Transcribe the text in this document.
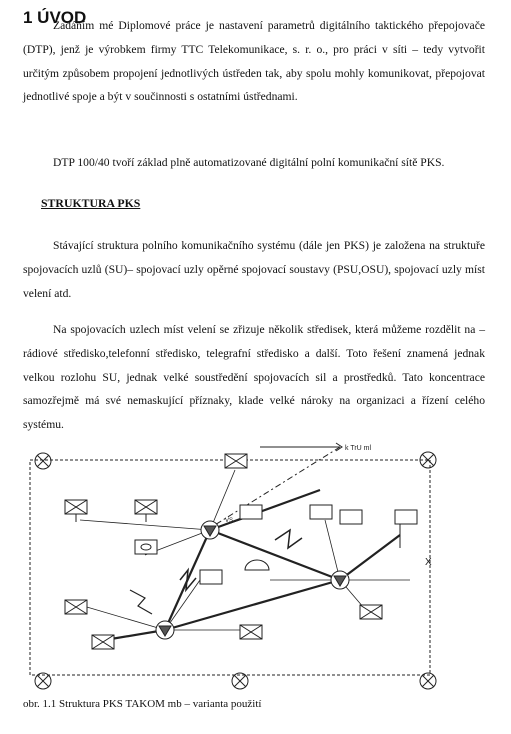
1 ÚVOD

Zadáním mé Diplomové práce je nastavení parametrů digitálního taktického přepojovače (DTP), jenž je výrobkem firmy TTC Telekomunikace, s. r. o., pro práci v síti – tedy vytvořit určitým způsobem propojení jednotlivých ústředen tak, aby spolu mohly komunikovat, přepojovat jednotlivé spoje a být v součinnosti s ostatními ústřednami.

DTP 100/40 tvoří základ plně automatizované digitální polní komunikační sítě PKS.

STRUKTURA PKS

Stávající struktura polního komunikačního systému (dále jen PKS) je založena na struktuře spojovacích uzlů (SU)– spojovací uzly opěrné spojovací soustavy (PSU,OSU), spojovací uzly míst velení atd.

Na spojovacích uzlech míst velení se zřizuje několik středisek, která můžeme rozdělit na – rádiové středisko,telefonní středisko, telegrafní středisko a další. Toto řešení znamená jednak velkou rozlohu SU, jednak velké soustředění spojovacích sil a prostředků. Tato koncentrace samozřejmě má své nemaskující příznaky, klade velké nároky na organizaci a řízení celého systému.

k TrU ml
X
VS

obr. 1.1 Struktura PKS TAKOM mb – varianta použití
